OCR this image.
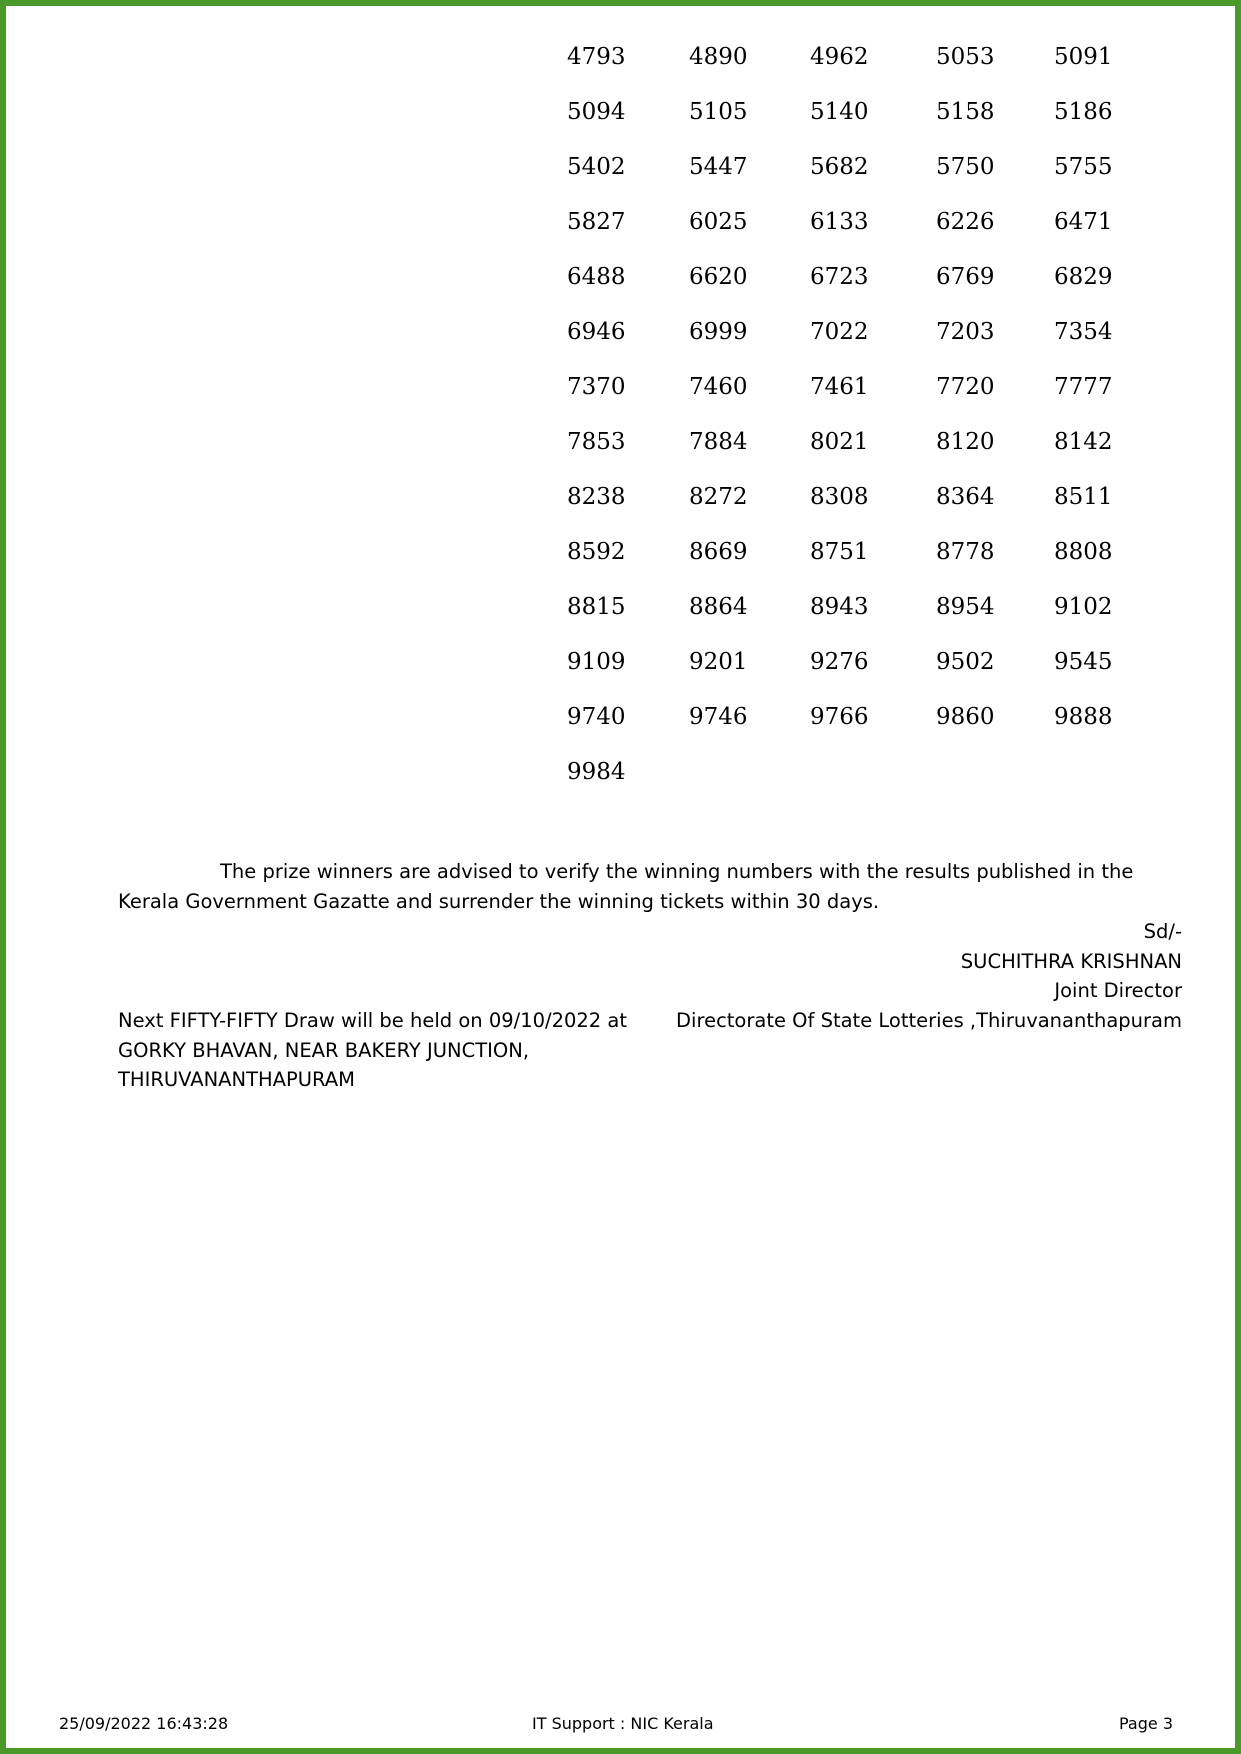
4793	4890	4962	5053	5091
5094	5105	5140	5158	5186
5402	5447	5682	5750	5755
5827	6025	6133	6226	6471
6488	6620	6723	6769	6829
6946	6999	7022	7203	7354
7370	7460	7461	7720	7777
7853	7884	8021	8120	8142
8238	8272	8308	8364	8511
8592	8669	8751	8778	8808
8815	8864	8943	8954	9102
9109	9201	9276	9502	9545
9740	9746	9766	9860	9888
9984

The prize winners are advised to verify the winning numbers with the results published in the Kerala Government Gazatte and surrender the winning tickets within 30 days.

Sd/-
SUCHITHRA KRISHNAN
Joint Director
Directorate Of State Lotteries ,Thiruvananthapuram
Next FIFTY-FIFTY Draw will be held on 09/10/2022 at
GORKY BHAVAN, NEAR BAKERY JUNCTION,
THIRUVANANTHAPURAM
25/09/2022 16:43:28	IT Support : NIC Kerala	Page 3
